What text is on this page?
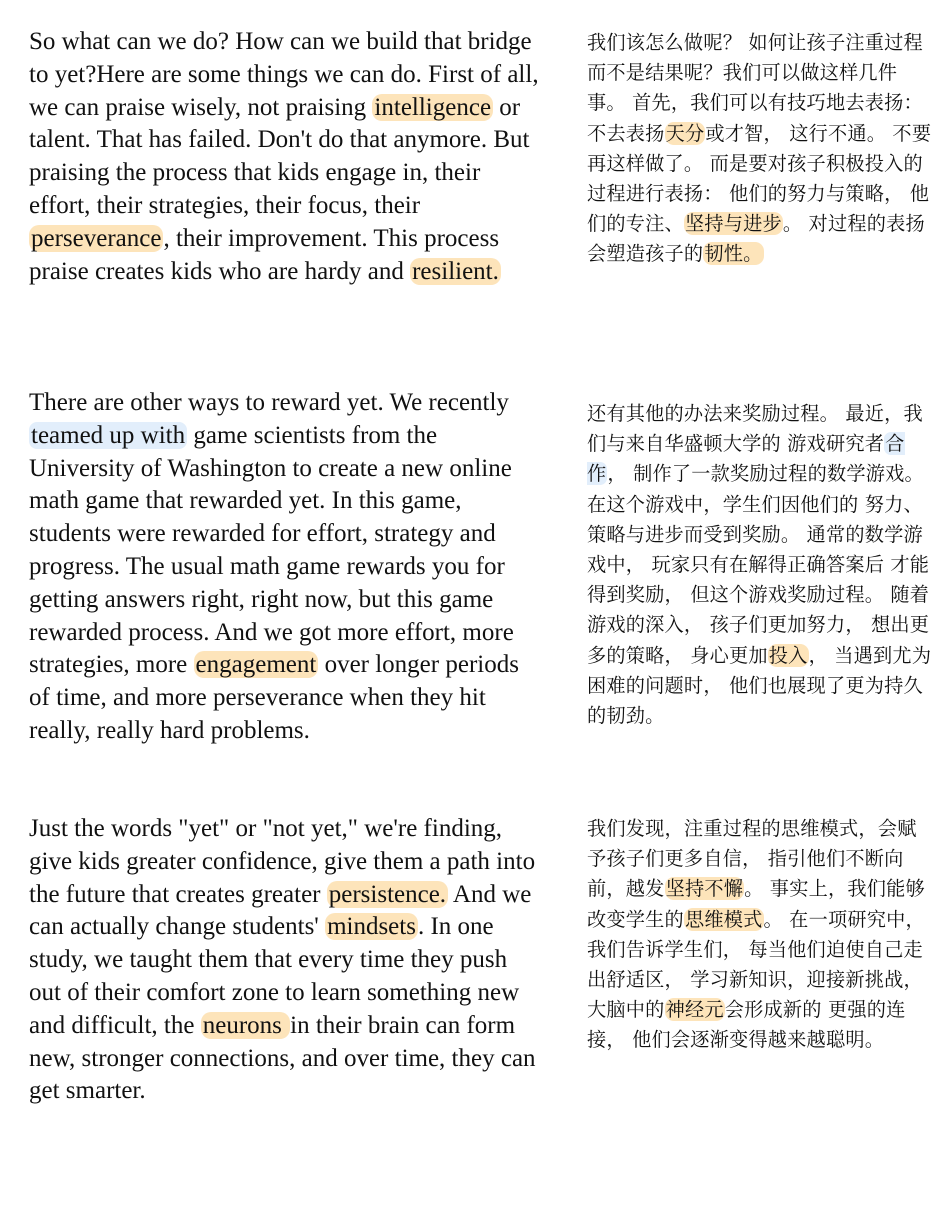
So what can we do? How can we build that bridge to yet?Here are some things we can do. First of all, we can praise wisely, not praising intelligence or talent. That has failed. Don't do that anymore. But praising the process that kids engage in, their effort, their strategies, their focus, their perseverance, their improvement. This process praise creates kids who are hardy and resilient.

There are other ways to reward yet. We recently teamed up with game scientists from the University of Washington to create a new online math game that rewarded yet. In this game, students were rewarded for effort, strategy and progress. The usual math game rewards you for getting answers right, right now, but this game rewarded process. And we got more effort, more strategies, more engagement over longer periods of time, and more perseverance when they hit really, really hard problems.

Just the words "yet" or "not yet," we're finding, give kids greater confidence, give them a path into the future that creates greater persistence. And we can actually change students' mindsets. In one study, we taught them that every time they push out of their comfort zone to learn something new and difficult, the neurons in their brain can form new, stronger connections, and over time, they can get smarter.

我们该怎么做呢？ 如何让孩子注重过程而不是结果呢？我们可以做这样几件事。 首先，我们可以有技巧地去表扬： 不去表扬天分或才智， 这行不通。 不要再这样做了。 而是要对孩子积极投入的过程进行表扬： 他们的努力与策略， 他们的专注、坚持与进步。 对过程的表扬 会塑造孩子的韧性。

还有其他的办法来奖励过程。 最近，我们与来自华盛顿大学的 游戏研究者合作， 制作了一款奖励过程的数学游戏。 在这个游戏中，学生们因他们的 努力、策略与进步而受到奖励。 通常的数学游戏中， 玩家只有在解得正确答案后 才能得到奖励， 但这个游戏奖励过程。 随着游戏的深入， 孩子们更加努力， 想出更多的策略， 身心更加投入， 当遇到尤为困难的问题时， 他们也展现了更为持久的韧劲。

我们发现，注重过程的思维模式，会赋予孩子们更多自信， 指引他们不断向前，越发坚持不懈。 事实上，我们能够改变学生的思维模式。 在一项研究中，我们告诉学生们， 每当他们迫使自己走出舒适区， 学习新知识，迎接新挑战， 大脑中的神经元会形成新的 更强的连接， 他们会逐渐变得越来越聪明。
